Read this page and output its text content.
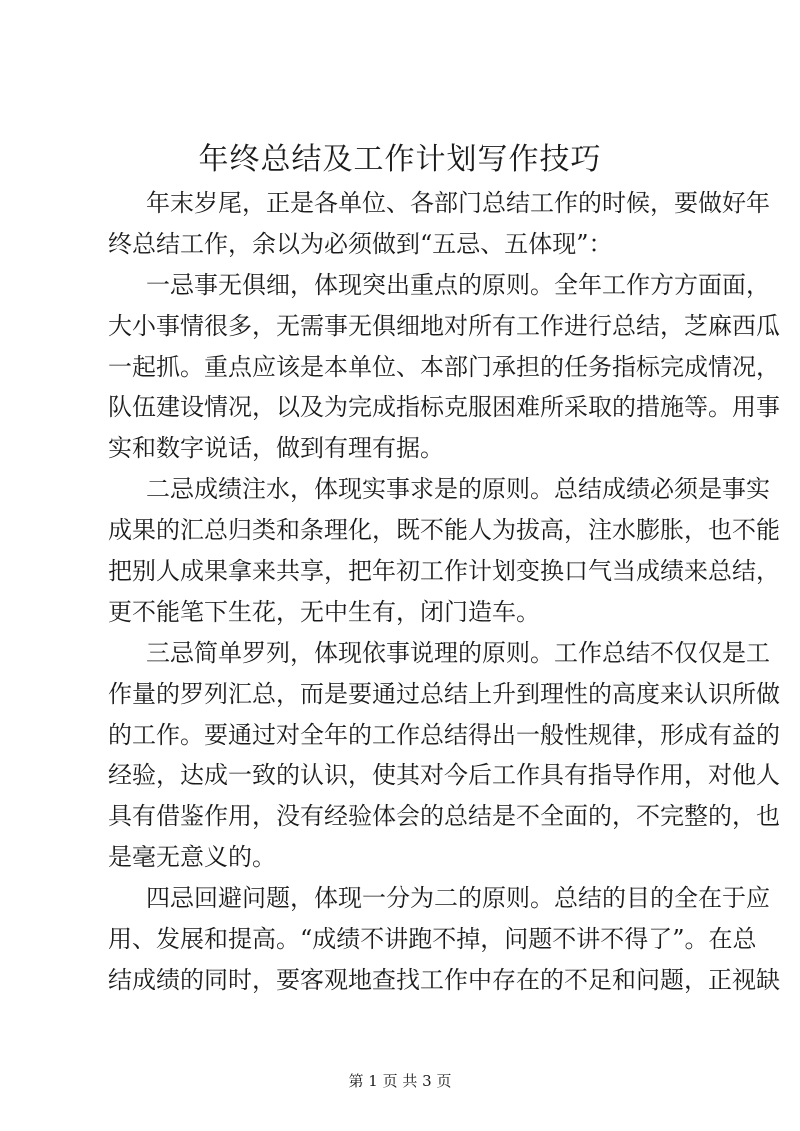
年终总结及工作计划写作技巧
年末岁尾，正是各单位、各部门总结工作的时候，要做好年
终总结工作，余以为必须做到“五忌、五体现”：
一忌事无俱细，体现突出重点的原则。全年工作方方面面，
大小事情很多，无需事无俱细地对所有工作进行总结，芝麻西瓜
一起抓。重点应该是本单位、本部门承担的任务指标完成情况，
队伍建设情况，以及为完成指标克服困难所采取的措施等。用事
实和数字说话，做到有理有据。
二忌成绩注水，体现实事求是的原则。总结成绩必须是事实
成果的汇总归类和条理化，既不能人为拔高，注水膨胀，也不能
把别人成果拿来共享，把年初工作计划变换口气当成绩来总结，
更不能笔下生花，无中生有，闭门造车。
三忌简单罗列，体现依事说理的原则。工作总结不仅仅是工
作量的罗列汇总，而是要通过总结上升到理性的高度来认识所做
的工作。要通过对全年的工作总结得出一般性规律，形成有益的
经验，达成一致的认识，使其对今后工作具有指导作用，对他人
具有借鉴作用，没有经验体会的总结是不全面的，不完整的，也
是毫无意义的。
四忌回避问题，体现一分为二的原则。总结的目的全在于应
用、发展和提高。“成绩不讲跑不掉，问题不讲不得了”。在总
结成绩的同时，要客观地查找工作中存在的不足和问题，正视缺
第 1 页 共 3 页
